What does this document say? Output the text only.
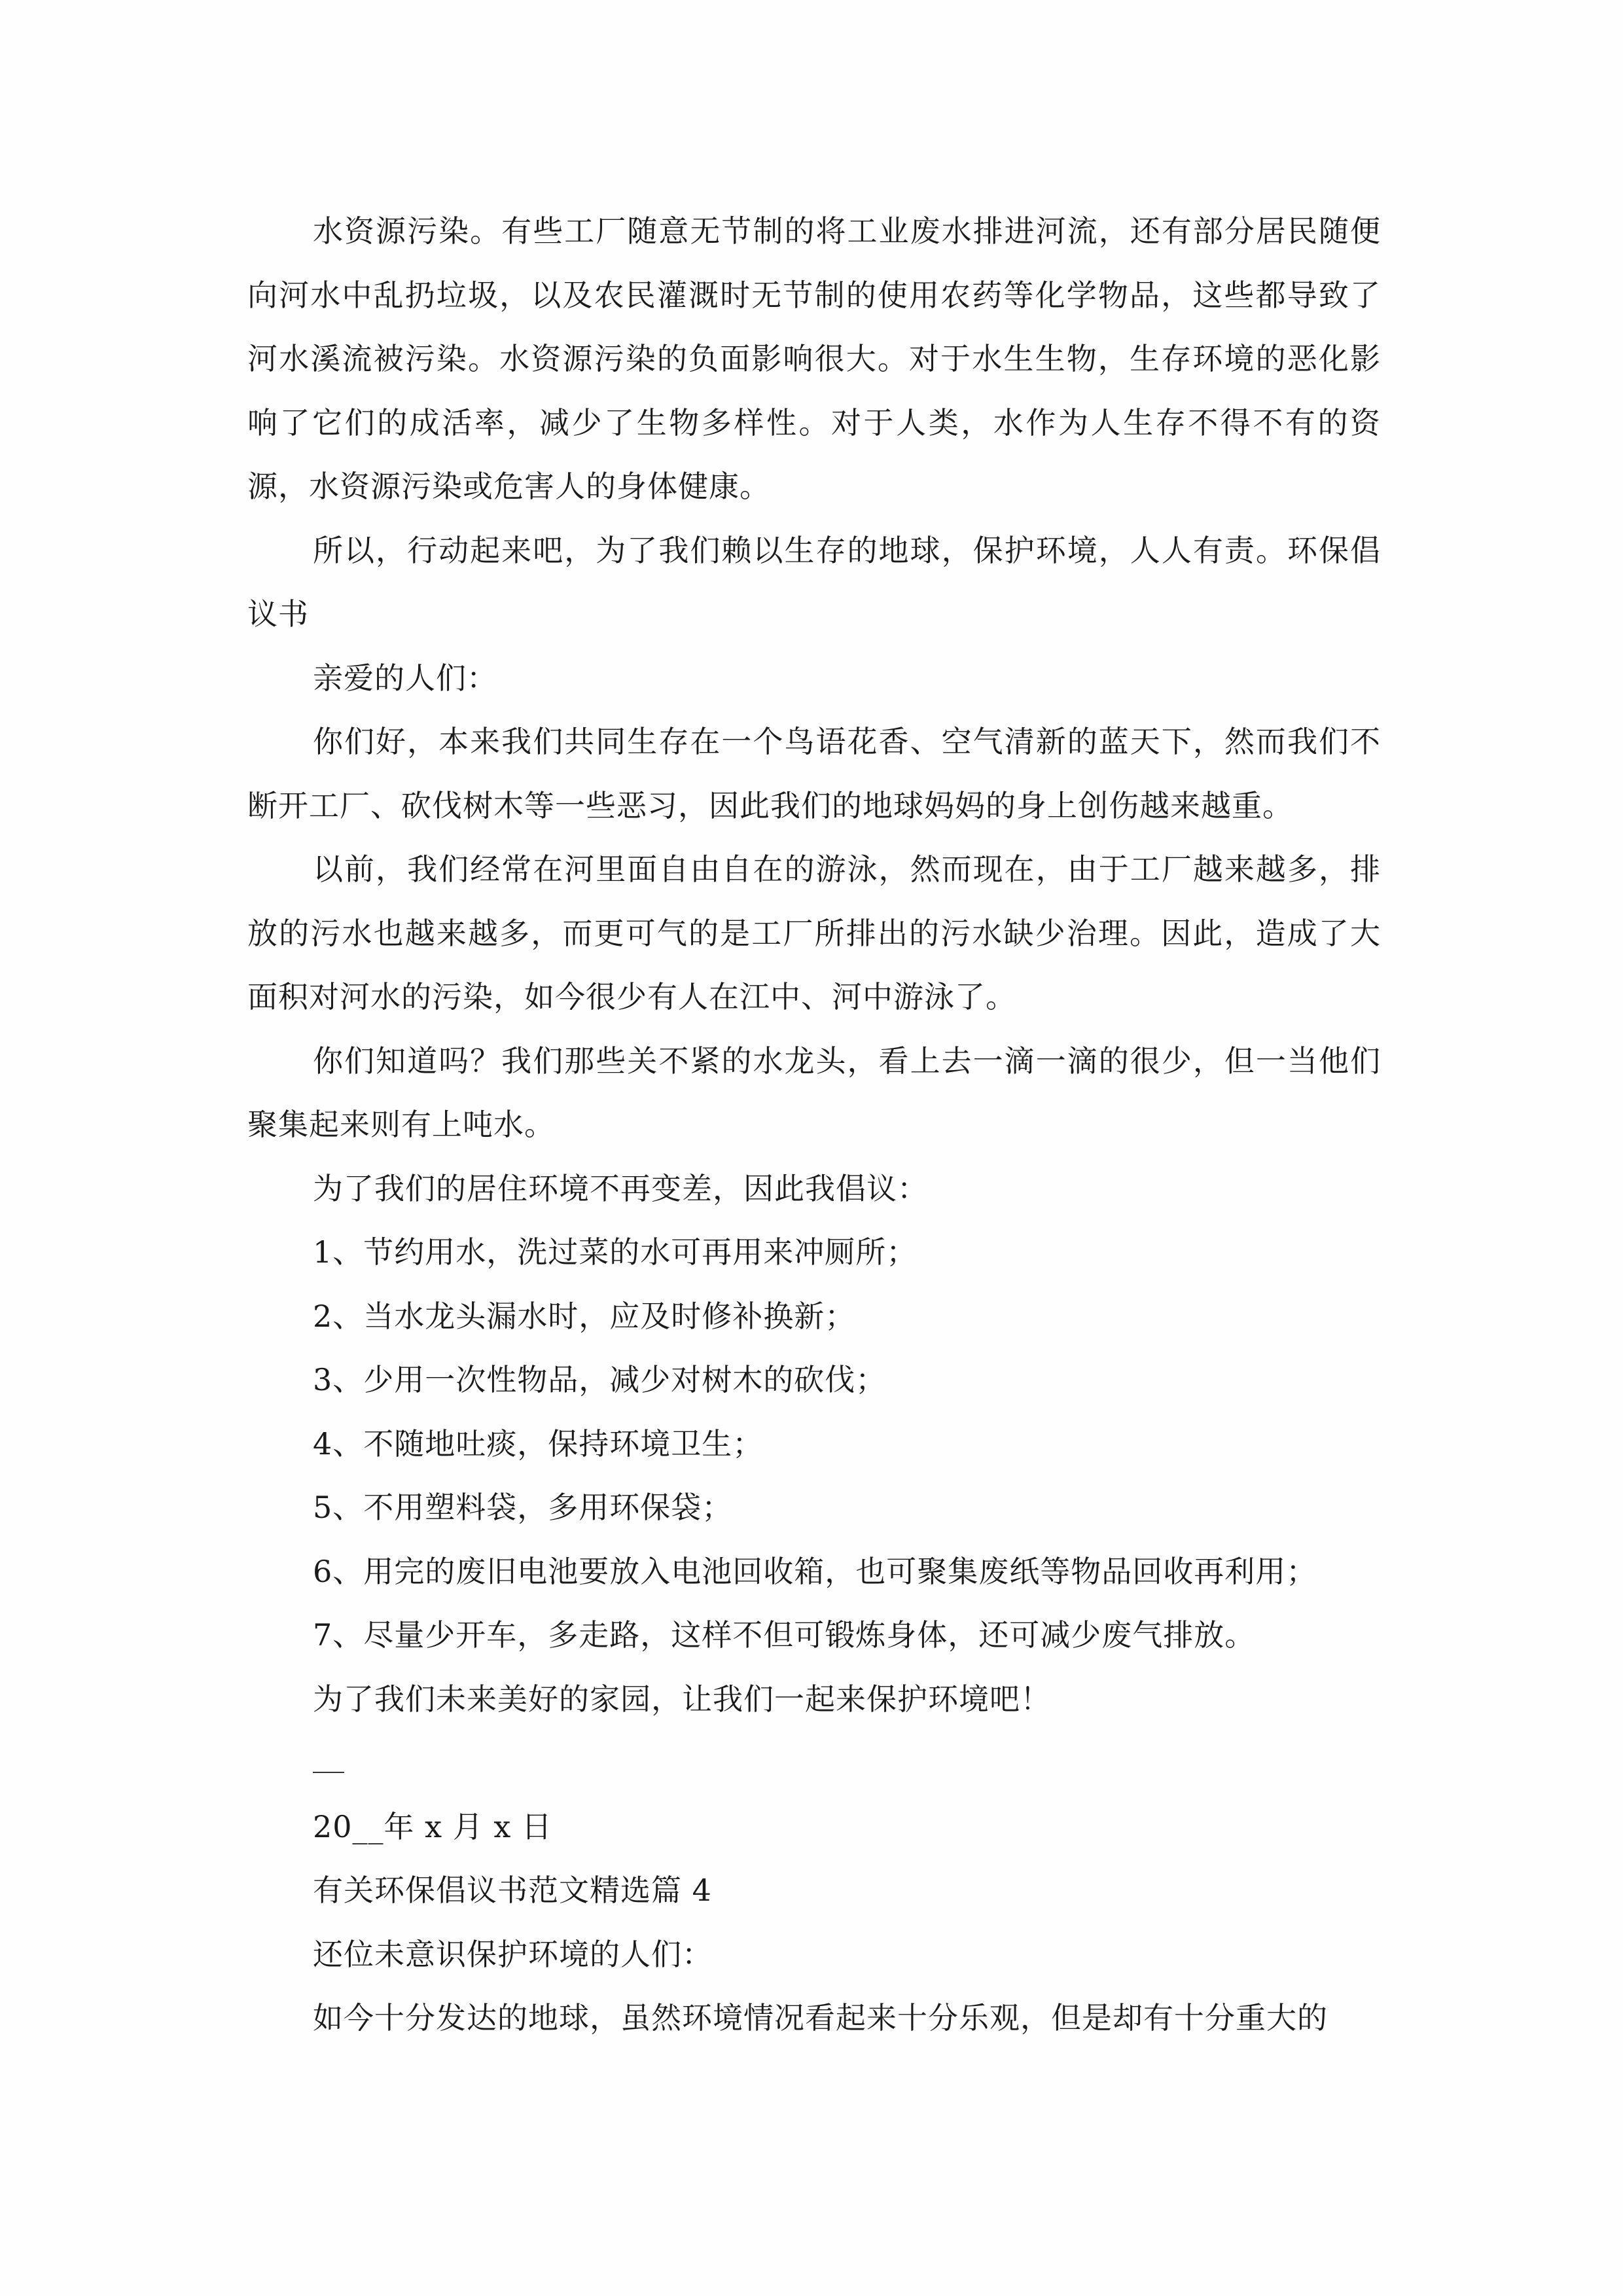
水资源污染。有些工厂随意无节制的将工业废水排进河流，还有部分居民随便向河水中乱扔垃圾，以及农民灌溉时无节制的使用农药等化学物品，这些都导致了河水溪流被污染。水资源污染的负面影响很大。对于水生生物，生存环境的恶化影响了它们的成活率，减少了生物多样性。对于人类，水作为人生存不得不有的资源，水资源污染或危害人的身体健康。

所以，行动起来吧，为了我们赖以生存的地球，保护环境，人人有责。环保倡议书

亲爱的人们：

你们好，本来我们共同生存在一个鸟语花香、空气清新的蓝天下，然而我们不断开工厂、砍伐树木等一些恶习，因此我们的地球妈妈的身上创伤越来越重。

以前，我们经常在河里面自由自在的游泳，然而现在，由于工厂越来越多，排放的污水也越来越多，而更可气的是工厂所排出的污水缺少治理。因此，造成了大面积对河水的污染，如今很少有人在江中、河中游泳了。

你们知道吗？我们那些关不紧的水龙头，看上去一滴一滴的很少，但一当他们聚集起来则有上吨水。

为了我们的居住环境不再变差，因此我倡议：

1、节约用水，洗过菜的水可再用来冲厕所；

2、当水龙头漏水时，应及时修补换新；

3、少用一次性物品，减少对树木的砍伐；

4、不随地吐痰，保持环境卫生；

5、不用塑料袋，多用环保袋；

6、用完的废旧电池要放入电池回收箱，也可聚集废纸等物品回收再利用；

7、尽量少开车，多走路，这样不但可锻炼身体，还可减少废气排放。

为了我们未来美好的家园，让我们一起来保护环境吧！

20__年 x 月 x 日

有关环保倡议书范文精选篇 4

还位未意识保护环境的人们：

如今十分发达的地球，虽然环境情况看起来十分乐观，但是却有十分重大的
